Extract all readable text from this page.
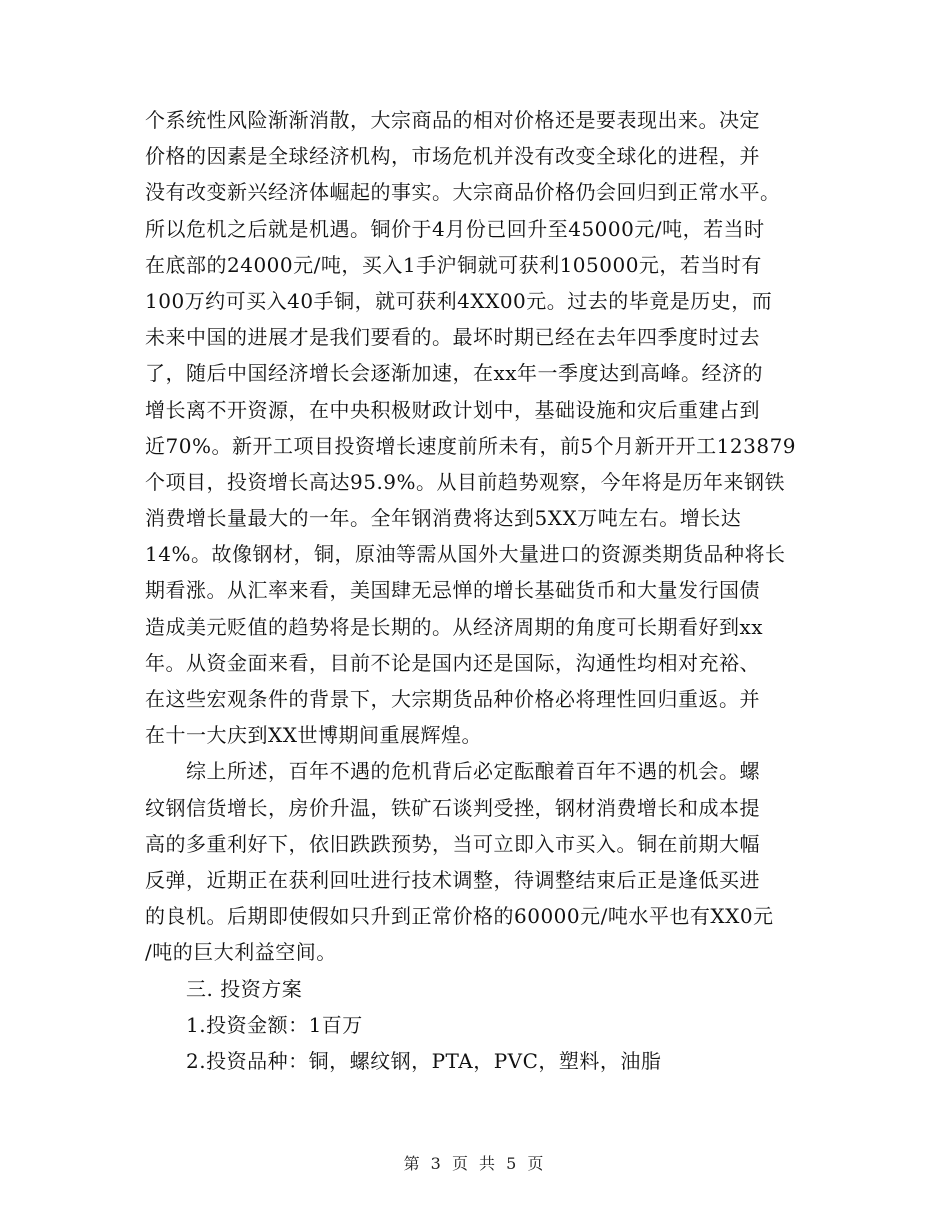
个系统性风险渐渐消散，大宗商品的相对价格还是要表现出来。决定
价格的因素是全球经济机构，市场危机并没有改变全球化的进程，并
没有改变新兴经济体崛起的事实。大宗商品价格仍会回归到正常水平。
所以危机之后就是机遇。铜价于4月份已回升至45000元/吨，若当时
在底部的24000元/吨，买入1手沪铜就可获利105000元，若当时有
100万约可买入40手铜，就可获利4XX00元。过去的毕竟是历史，而
未来中国的进展才是我们要看的。最坏时期已经在去年四季度时过去
了，随后中国经济增长会逐渐加速，在xx年一季度达到高峰。经济的
增长离不开资源，在中央积极财政计划中，基础设施和灾后重建占到
近70%。新开工项目投资增长速度前所未有，前5个月新开开工123879
个项目，投资增长高达95.9%。从目前趋势观察，今年将是历年来钢铁
消费增长量最大的一年。全年钢消费将达到5XX万吨左右。增长达
14%。故像钢材，铜，原油等需从国外大量进口的资源类期货品种将长
期看涨。从汇率来看，美国肆无忌惮的增长基础货币和大量发行国债
造成美元贬值的趋势将是长期的。从经济周期的角度可长期看好到xx
年。从资金面来看，目前不论是国内还是国际，沟通性均相对充裕、
在这些宏观条件的背景下，大宗期货品种价格必将理性回归重返。并
在十一大庆到XX世博期间重展辉煌。
　　综上所述，百年不遇的危机背后必定酝酿着百年不遇的机会。螺
纹钢信货增长，房价升温，铁矿石谈判受挫，钢材消费增长和成本提
高的多重利好下，依旧跌跌预势，当可立即入市买入。铜在前期大幅
反弹，近期正在获利回吐进行技术调整，待调整结束后正是逢低买进
的良机。后期即使假如只升到正常价格的60000元/吨水平也有XX0元
/吨的巨大利益空间。
　　三. 投资方案
　　1.投资金额：1百万
　　2.投资品种：铜，螺纹钢，PTA，PVC，塑料，油脂
第 3 页 共 5 页
